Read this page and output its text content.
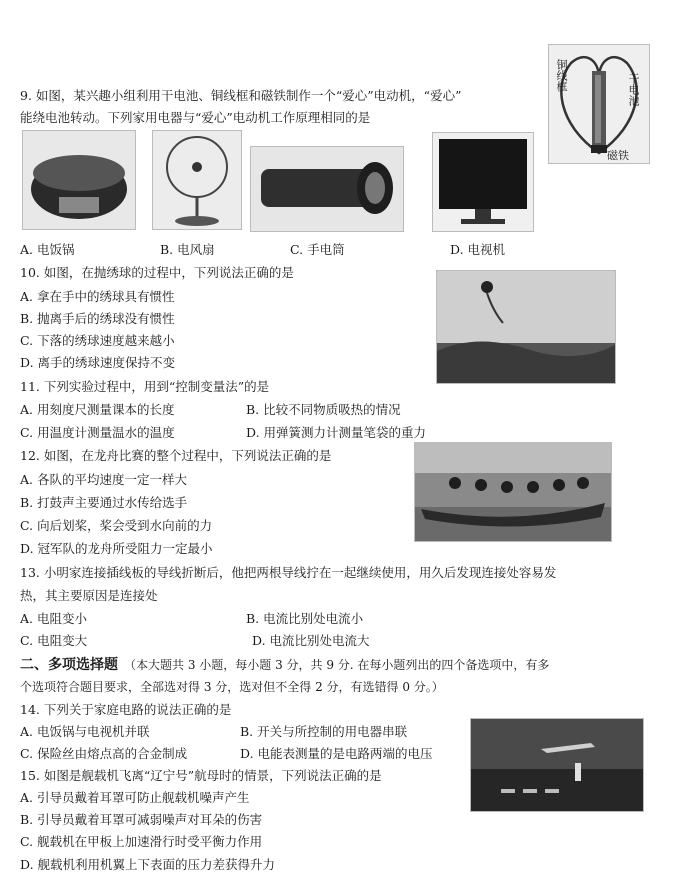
9. 如图，某兴趣小组利用干电池、铜线框和磁铁制作一个“爱心”电动机，“爱心”
能绕电池转动。下列家用电器与“爱心”电动机工作原理相同的是
铜线框	干电池
磁铁
A. 电饭锅	B. 电风扇	C. 手电筒	D. 电视机
10. 如图，在抛绣球的过程中，下列说法正确的是
A. 拿在手中的绣球具有惯性
B. 抛离手后的绣球没有惯性
C. 下落的绣球速度越来越小
D. 离手的绣球速度保持不变
11. 下列实验过程中，用到“控制变量法”的是
A. 用刻度尺测量课本的长度	B. 比较不同物质吸热的情况
C. 用温度计测量温水的温度	D. 用弹簧测力计测量笔袋的重力
12. 如图，在龙舟比赛的整个过程中，下列说法正确的是
A. 各队的平均速度一定一样大
B. 打鼓声主要通过水传给选手
C. 向后划桨，桨会受到水向前的力
D. 冠军队的龙舟所受阻力一定最小
13. 小明家连接插线板的导线折断后，他把两根导线拧在一起继续使用，用久后发现连接处容易发
热，其主要原因是连接处
A. 电阻变小	B. 电流比别处电流小
C. 电阻变大	D. 电流比别处电流大
二、多项选择题 （本大题共 3 小题，每小题 3 分，共 9 分. 在每小题列出的四个备选项中，有多
个选项符合题目要求，全部选对得 3 分，选对但不全得 2 分，有选错得 0 分。）
14. 下列关于家庭电路的说法正确的是
A. 电饭锅与电视机并联	B. 开关与所控制的用电器串联
C. 保险丝由熔点高的合金制成	D. 电能表测量的是电路两端的电压
15. 如图是舰载机飞离“辽宁号”航母时的情景，下列说法正确的是
A. 引导员戴着耳罩可防止舰载机噪声产生
B. 引导员戴着耳罩可减弱噪声对耳朵的伤害
C. 舰载机在甲板上加速滑行时受平衡力作用
D. 舰载机利用机翼上下表面的压力差获得升力
